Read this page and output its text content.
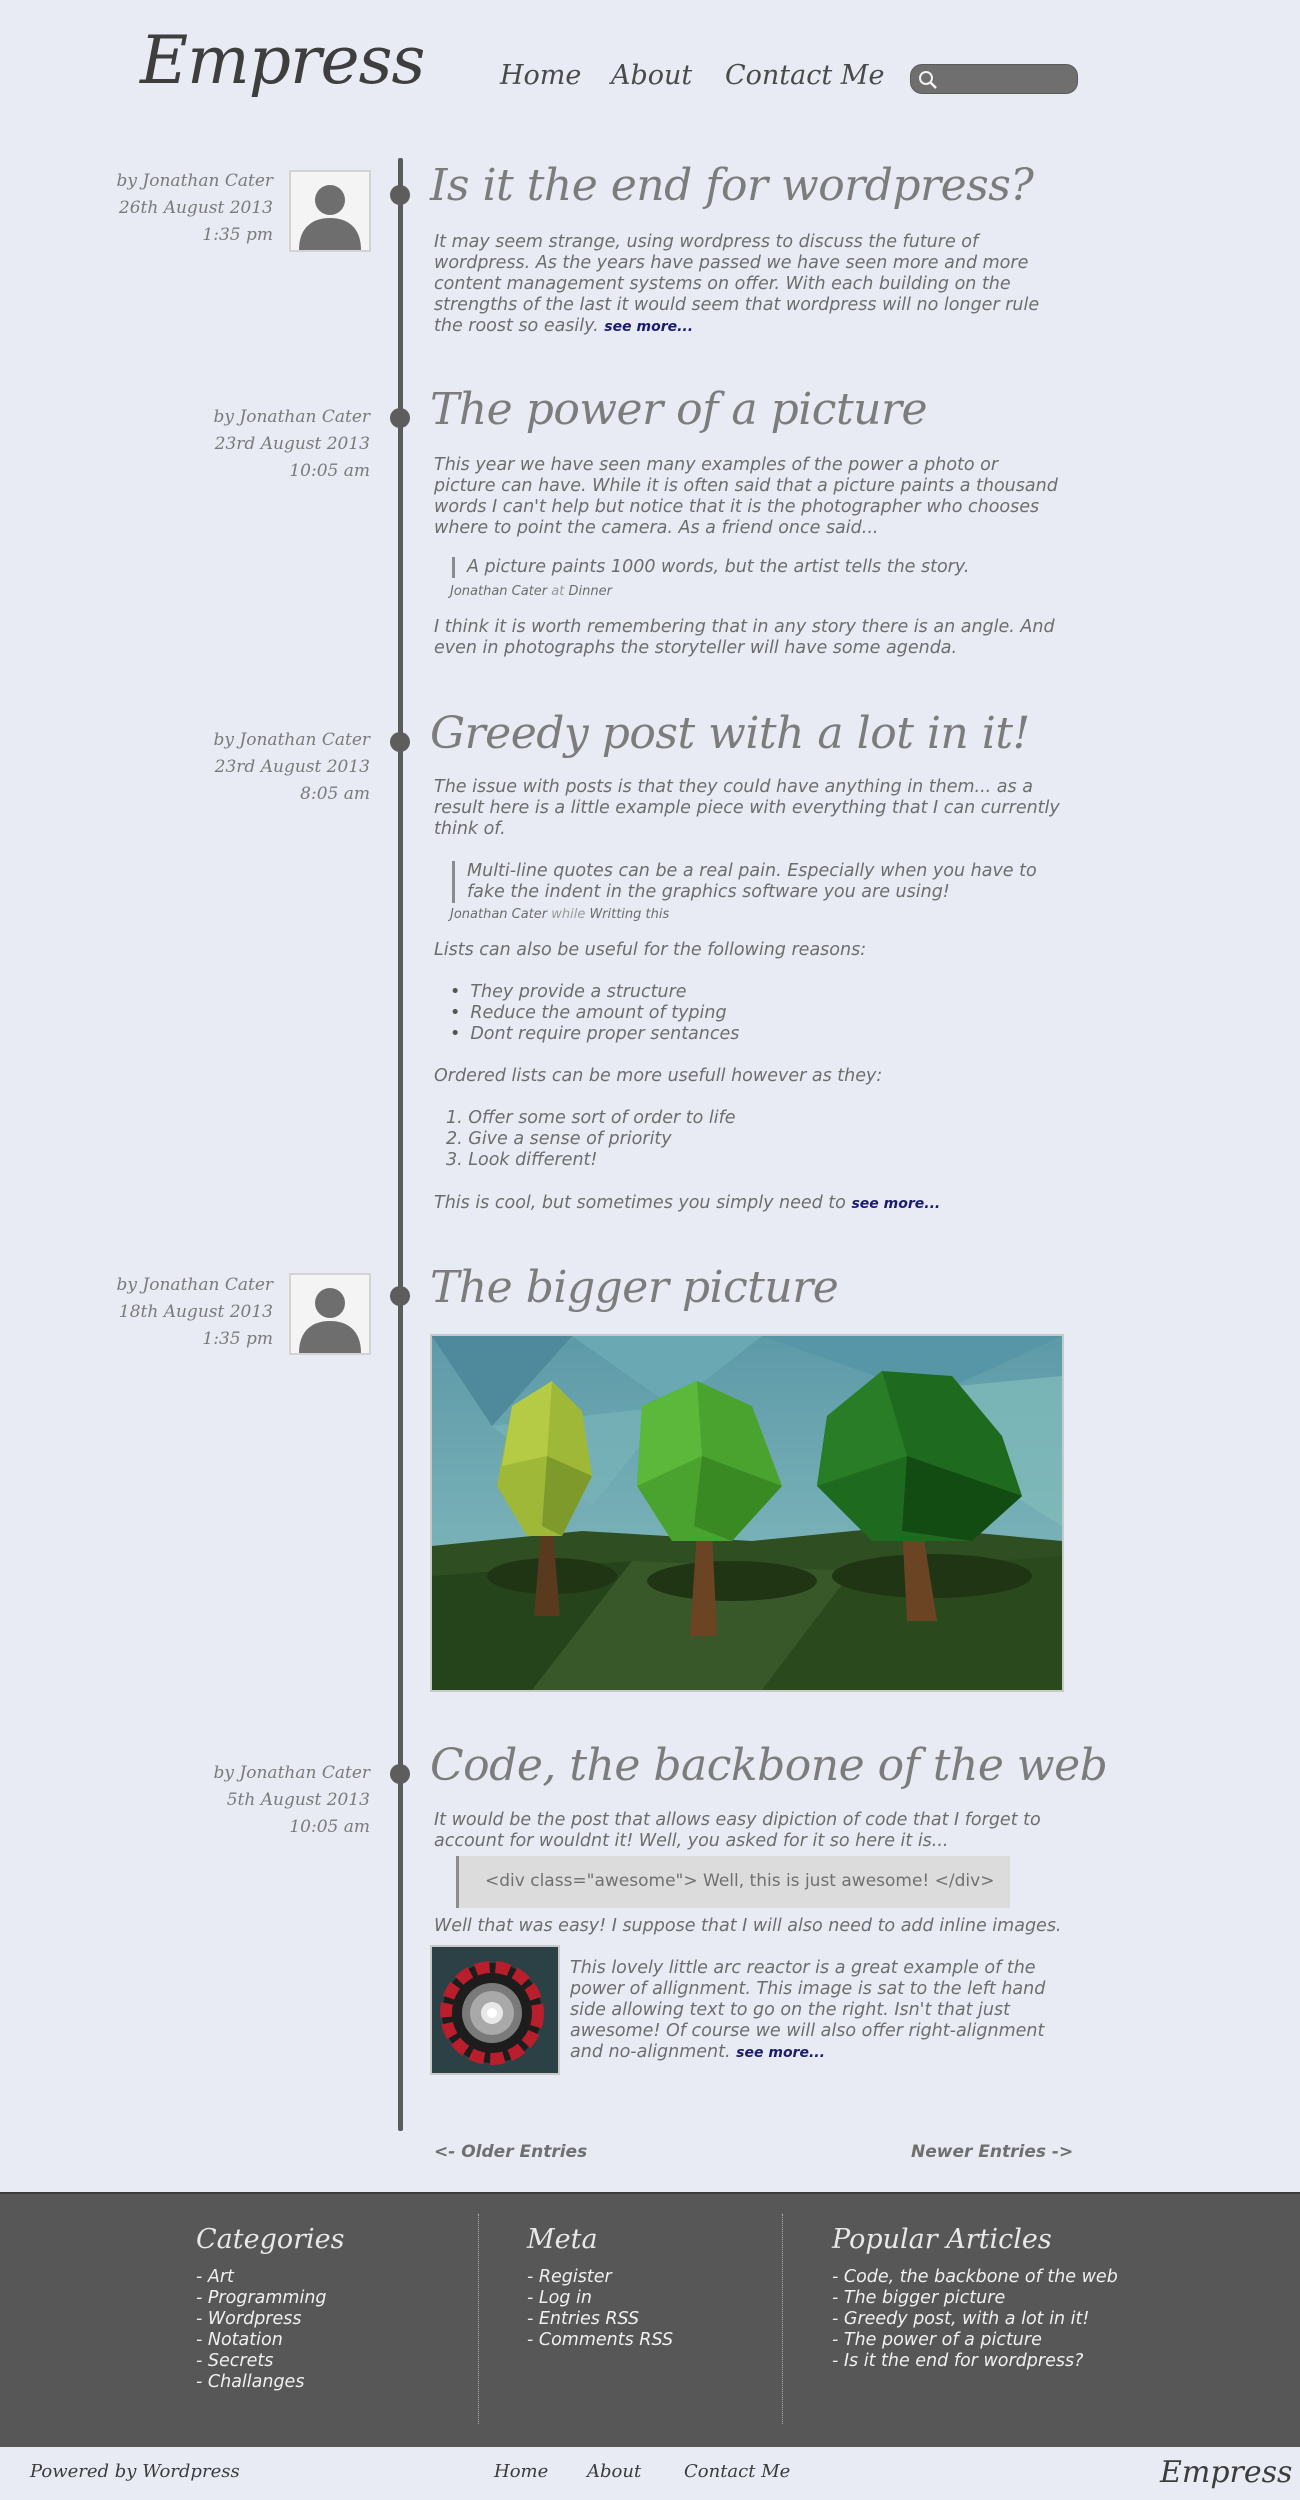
Empress	Home About Contact Me
by Jonathan Cater
26th August 2013
1:35 pm
Is it the end for wordpress?
It may seem strange, using wordpress to discuss the future of wordpress. As the years have passed we have seen more and more content management systems on offer. With each building on the strengths of the last it would seem that wordpress will no longer rule the roost so easily. see more...
by Jonathan Cater
23rd August 2013
10:05 am
The power of a picture
This year we have seen many examples of the power a photo or picture can have. While it is often said that a picture paints a thousand words I can't help but notice that it is the photographer who chooses where to point the camera. As a friend once said...
A picture paints 1000 words, but the artist tells the story.
Jonathan Cater at Dinner
I think it is worth remembering that in any story there is an angle. And even in photographs the storyteller will have some agenda.
by Jonathan Cater
23rd August 2013
8:05 am
Greedy post with a lot in it!
The issue with posts is that they could have anything in them... as a result here is a little example piece with everything that I can currently think of.
Multi-line quotes can be a real pain. Especially when you have to fake the indent in the graphics software you are using!
Jonathan Cater while Writting this
Lists can also be useful for the following reasons:
• They provide a structure
• Reduce the amount of typing
• Dont require proper sentances
Ordered lists can be more usefull however as they:
1. Offer some sort of order to life
2. Give a sense of priority
3. Look different!
This is cool, but sometimes you simply need to see more...
by Jonathan Cater
18th August 2013
1:35 pm
The bigger picture
by Jonathan Cater
5th August 2013
10:05 am
Code, the backbone of the web
It would be the post that allows easy dipiction of code that I forget to account for wouldnt it! Well, you asked for it so here it is...
<div class="awesome"> Well, this is just awesome! </div>
Well that was easy! I suppose that I will also need to add inline images.
This lovely little arc reactor is a great example of the power of allignment. This image is sat to the left hand side allowing text to go on the right. Isn't that just awesome! Of course we will also offer right-alignment and no-alignment. see more...
<- Older Entries	Newer Entries ->
Categories
- Art
- Programming
- Wordpress
- Notation
- Secrets
- Challanges
Meta
- Register
- Log in
- Entries RSS
- Comments RSS
Popular Articles
- Code, the backbone of the web
- The bigger picture
- Greedy post, with a lot in it!
- The power of a picture
- Is it the end for wordpress?
Powered by Wordpress	Home About Contact Me	Empress
